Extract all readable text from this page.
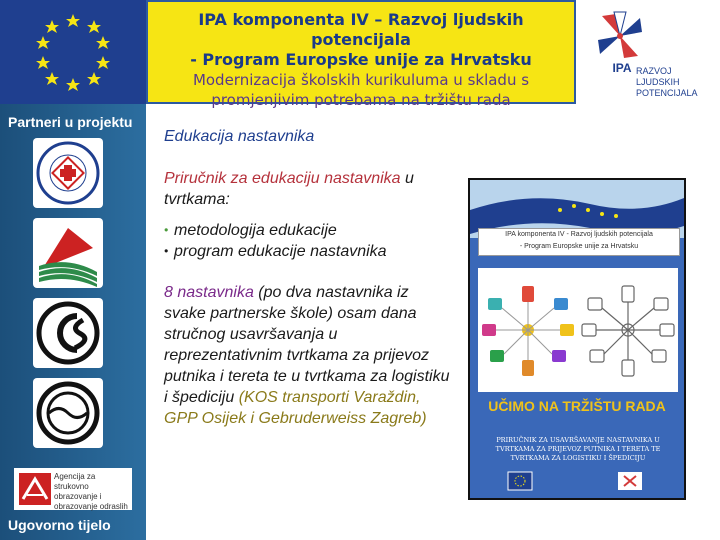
IPA komponenta IV – Razvoj ljudskih potencijala
- Program Europske unije za Hrvatsku
Modernizacija školskih kurikuluma u skladu s
promjenjivim potrebama na tržištu rada
IPA RAZVOJ
LJUDSKIH
POTENCIJALA
Partneri u projektu
Agencija za strukovno obrazovanje i obrazovanje odraslih
Ugovorno tijelo

Edukacija nastavnika

Priručnik za edukaciju nastavnika u tvrtkama:

• metodologija edukacije
• program edukacije nastavnika

8 nastavnika (po dva nastavnika iz svake partnerske škole) osam dana stručnog usavršavanja u reprezentativnim tvrtkama za prijevoz putnika i tereta te u tvrtkama za logistiku i špediciju (KOS transporti Varaždin, GPP Osijek i Gebruderweiss Zagreb)

IPA komponenta IV - Razvoj ljudskih potencijala
- Program Europske unije za Hrvatsku
UČIMO NA TRŽIŠTU RADA
PRIRUČNIK ZA USAVRŠAVANJE NASTAVNIKA U TVRTKAMA ZA PRIJEVOZ PUTNIKA I TERETA TE TVRTKAMA ZA LOGISTIKU I ŠPEDICIJU
